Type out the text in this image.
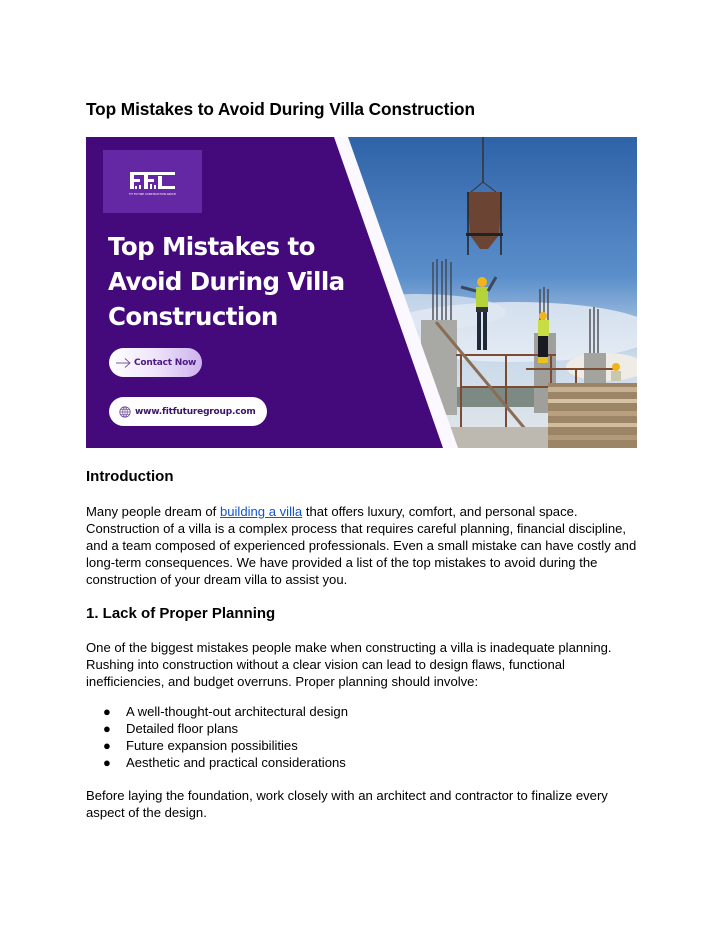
Top Mistakes to Avoid During Villa Construction
FIT FUTURE CONSTRUCTION GROUP
Top Mistakes to
Avoid During Villa
Construction
Contact Now
www.fitfuturegroup.com
Introduction

Many people dream of building a villa that offers luxury, comfort, and personal space. Construction of a villa is a complex process that requires careful planning, financial discipline, and a team composed of experienced professionals. Even a small mistake can have costly and long-term consequences. We have provided a list of the top mistakes to avoid during the construction of your dream villa to assist you.

1. Lack of Proper Planning

One of the biggest mistakes people make when constructing a villa is inadequate planning. Rushing into construction without a clear vision can lead to design flaws, functional inefficiencies, and budget overruns. Proper planning should involve:

● A well-thought-out architectural design
● Detailed floor plans
● Future expansion possibilities
● Aesthetic and practical considerations

Before laying the foundation, work closely with an architect and contractor to finalize every aspect of the design.
